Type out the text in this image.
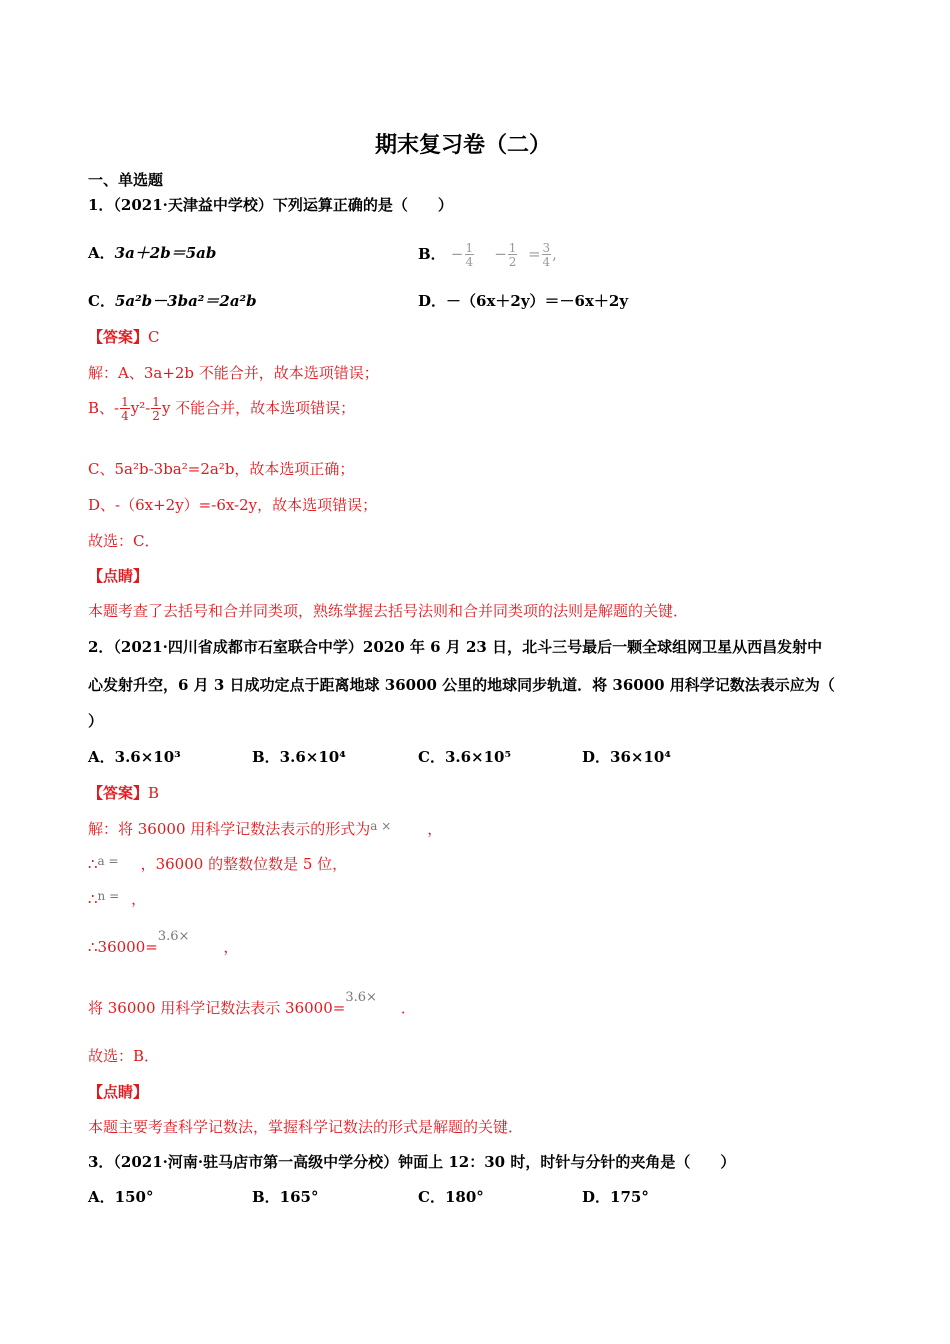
期末复习卷（二）
一、单选题
1．（2021·天津益中学校）下列运算正确的是（　　）
A．3a＋2b＝5ab	B． − $\frac{1}{4} - \frac{1}{2} = \frac{3}{4}$ ,
C．5a²b－3ba²＝2a²b	D．－（6x＋2y）＝－6x＋2y
【答案】C
解：A、3a+2b 不能合并，故本选项错误；
B、- $\frac{1}{4} y^2- \frac{1}{2}$ y 不能合并，故本选项错误；
C、5a²b-3ba²=2a²b，故本选项正确；
D、-（6x+2y）=-6x-2y，故本选项错误；
故选：C．
【点睛】
本题考查了去括号和合并同类项，熟练掌握去括号法则和合并同类项的法则是解题的关键．
2．（2021·四川省成都市石室联合中学）2020 年 6 月 23 日，北斗三号最后一颗全球组网卫星从西昌发射中
心发射升空，6 月 3 日成功定点于距离地球 36000 公里的地球同步轨道．将 36000 用科学记数法表示应为（
）
A．3.6×10³	B．3.6×10⁴	C．3.6×10⁵	D．36×10⁴
【答案】B
解：将 36000 用科学记数法表示的形式为$^{a \times}$ ，
∴$^{a =}$ ，36000 的整数位数是 5 位，
∴$^{n =}$ ，
∴36000=3.6×，
将 36000 用科学记数法表示 36000=3.6×．
故选：B．
【点睛】
本题主要考查科学记数法，掌握科学记数法的形式是解题的关键．
3．（2021·河南·驻马店市第一高级中学分校）钟面上 12：30 时，时针与分针的夹角是（　　）
A．150°	B．165°	C．180°	D．175°
